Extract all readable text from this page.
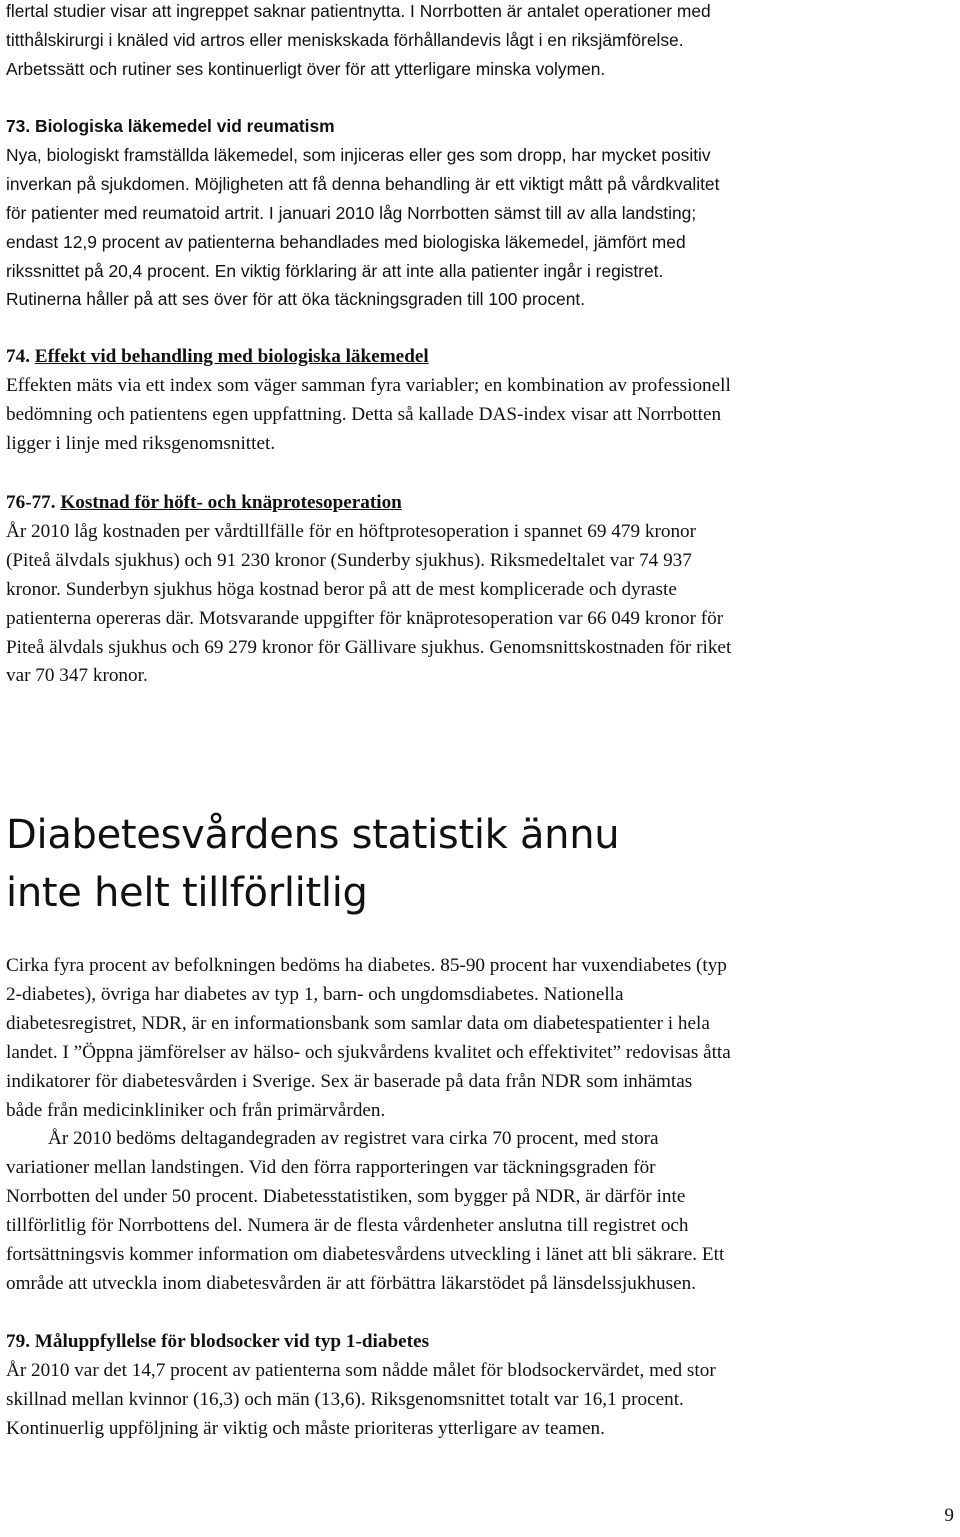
flertal studier visar att ingreppet saknar patientnytta. I Norrbotten är antalet operationer med
titthålskirurgi i knäled vid artros eller meniskskada förhållandevis lågt i en riksjämförelse.
Arbetssätt och rutiner ses kontinuerligt över för att ytterligare minska volymen.

73. Biologiska läkemedel vid reumatism

Nya, biologiskt framställda läkemedel, som injiceras eller ges som dropp, har mycket positiv
inverkan på sjukdomen. Möjligheten att få denna behandling är ett viktigt mått på vårdkvalitet
för patienter med reumatoid artrit. I januari 2010 låg Norrbotten sämst till av alla landsting;
endast 12,9 procent av patienterna behandlades med biologiska läkemedel, jämfört med
rikssnittet på 20,4 procent. En viktig förklaring är att inte alla patienter ingår i registret.
Rutinerna håller på att ses över för att öka täckningsgraden till 100 procent.

74. Effekt vid behandling med biologiska läkemedel

Effekten mäts via ett index som väger samman fyra variabler; en kombination av professionell
bedömning och patientens egen uppfattning. Detta så kallade DAS-index visar att Norrbotten
ligger i linje med riksgenomsnittet.

76-77. Kostnad för höft- och knäprotesoperation

År 2010 låg kostnaden per vårdtillfälle för en höftprotesoperation i spannet 69 479 kronor
(Piteå älvdals sjukhus) och 91 230 kronor (Sunderby sjukhus). Riksmedeltalet var 74 937
kronor. Sunderbyn sjukhus höga kostnad beror på att de mest komplicerade och dyraste
patienterna opereras där. Motsvarande uppgifter för knäprotesoperation var 66 049 kronor för
Piteå älvdals sjukhus och 69 279 kronor för Gällivare sjukhus. Genomsnittskostnaden för riket
var 70 347 kronor.

Diabetesvårdens statistik ännu
inte helt tillförlitlig

Cirka fyra procent av befolkningen bedöms ha diabetes. 85-90 procent har vuxendiabetes (typ
2-diabetes), övriga har diabetes av typ 1, barn- och ungdomsdiabetes. Nationella
diabetesregistret, NDR, är en informationsbank som samlar data om diabetespatienter i hela
landet. I ”Öppna jämförelser av hälso- och sjukvårdens kvalitet och effektivitet” redovisas åtta
indikatorer för diabetesvården i Sverige. Sex är baserade på data från NDR som inhämtas
både från medicinkliniker och från primärvården.

År 2010 bedöms deltagandegraden av registret vara cirka 70 procent, med stora
variationer mellan landstingen. Vid den förra rapporteringen var täckningsgraden för
Norrbotten del under 50 procent. Diabetesstatistiken, som bygger på NDR, är därför inte
tillförlitlig för Norrbottens del. Numera är de flesta vårdenheter anslutna till registret och
fortsättningsvis kommer information om diabetesvårdens utveckling i länet att bli säkrare. Ett
område att utveckla inom diabetesvården är att förbättra läkarstödet på länsdelssjukhusen.

79. Måluppfyllelse för blodsocker vid typ 1-diabetes

År 2010 var det 14,7 procent av patienterna som nådde målet för blodsockervärdet, med stor
skillnad mellan kvinnor (16,3) och män (13,6). Riksgenomsnittet totalt var 16,1 procent.
Kontinuerlig uppföljning är viktig och måste prioriteras ytterligare av teamen.

9
